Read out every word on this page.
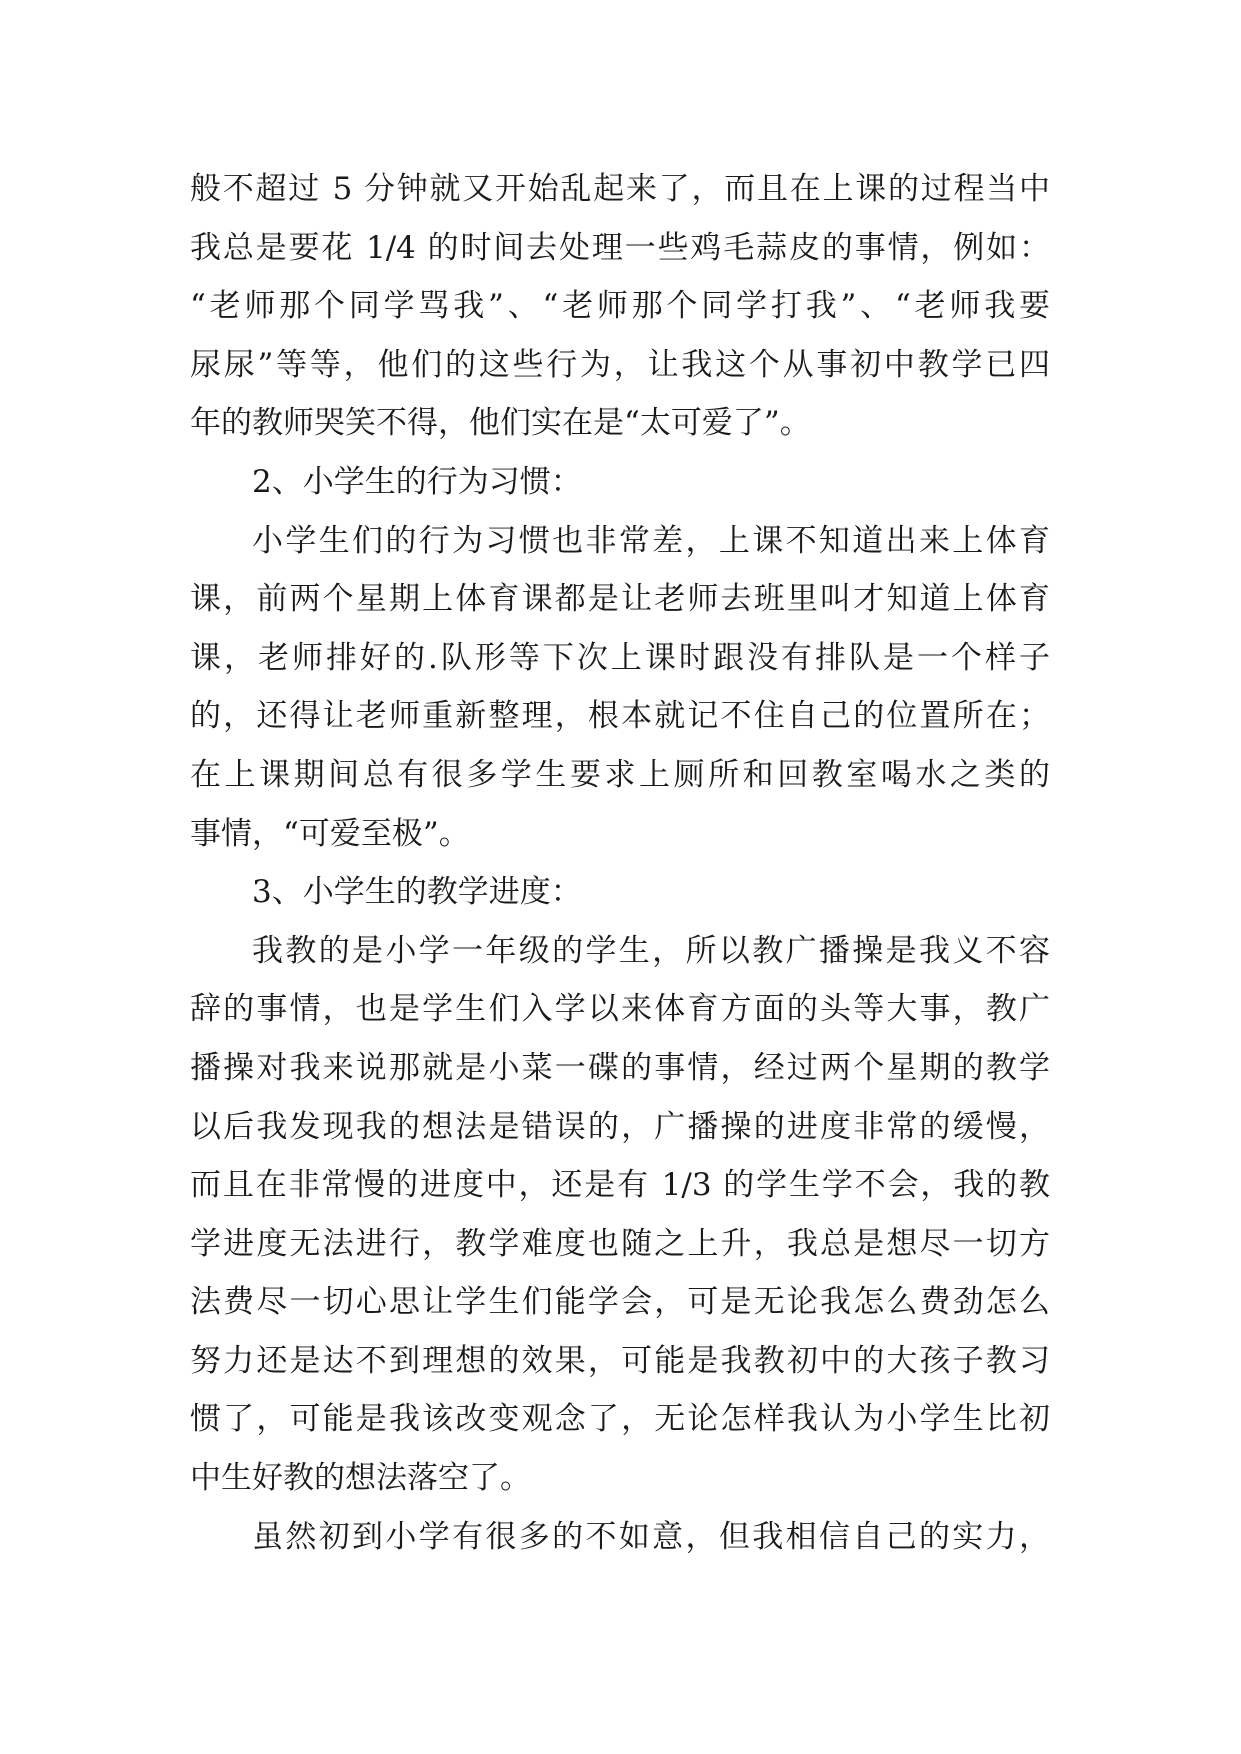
般不超过 5 分钟就又开始乱起来了，而且在上课的过程当中
我总是要花 1/4 的时间去处理一些鸡毛蒜皮的事情，例如：
“老师那个同学骂我”、“老师那个同学打我”、“老师我要
尿尿”等等，他们的这些行为，让我这个从事初中教学已四
年的教师哭笑不得，他们实在是“太可爱了”。
2、小学生的行为习惯：
小学生们的行为习惯也非常差，上课不知道出来上体育
课，前两个星期上体育课都是让老师去班里叫才知道上体育
课，老师排好的.队形等下次上课时跟没有排队是一个样子
的，还得让老师重新整理，根本就记不住自己的位置所在；
在上课期间总有很多学生要求上厕所和回教室喝水之类的
事情，“可爱至极”。
3、小学生的教学进度：
我教的是小学一年级的学生，所以教广播操是我义不容
辞的事情，也是学生们入学以来体育方面的头等大事，教广
播操对我来说那就是小菜一碟的事情，经过两个星期的教学
以后我发现我的想法是错误的，广播操的进度非常的缓慢，
而且在非常慢的进度中，还是有 1/3 的学生学不会，我的教
学进度无法进行，教学难度也随之上升，我总是想尽一切方
法费尽一切心思让学生们能学会，可是无论我怎么费劲怎么
努力还是达不到理想的效果，可能是我教初中的大孩子教习
惯了，可能是我该改变观念了，无论怎样我认为小学生比初
中生好教的想法落空了。
虽然初到小学有很多的不如意，但我相信自己的实力，
